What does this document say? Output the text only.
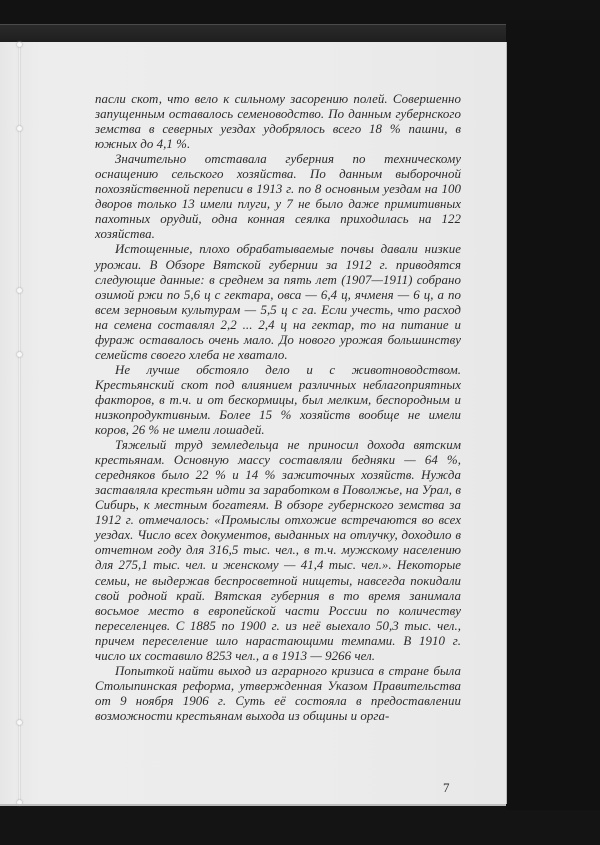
пасли скот, что вело к сильному засорению полей. Совершенно запущенным оставалось семеноводство. По данным губернского земства в северных уездах удобрялось всего 18 % пашни, в южных до 4,1 %.

Значительно отставала губерния по техническому оснащению сельского хозяйства. По данным выборочной похозяйственной переписи в 1913 г. по 8 основным уездам на 100 дворов только 13 имели плуги, у 7 не было даже примитивных пахотных орудий, одна конная сеялка приходилась на 122 хозяйства.

Истощенные, плохо обрабатываемые почвы давали низкие урожаи. В Обзоре Вятской губернии за 1912 г. приводятся следующие данные: в среднем за пять лет (1907—1911) собрано озимой ржи по 5,6 ц с гектара, овса — 6,4 ц, ячменя — 6 ц, а по всем зерновым культурам — 5,5 ц с га. Если учесть, что расход на семена составлял 2,2 ... 2,4 ц на гектар, то на питание и фураж оставалось очень мало. До нового урожая большинству семейств своего хлеба не хватало.

Не лучше обстояло дело и с животноводством. Крестьянский скот под влиянием различных неблагоприятных факторов, в т.ч. и от бескормицы, был мелким, беспородным и низкопродуктивным. Более 15 % хозяйств вообще не имели коров, 26 % не имели лошадей.

Тяжелый труд земледельца не приносил дохода вятским крестьянам. Основную массу составляли бедняки — 64 %, середняков было 22 % и 14 % зажиточных хозяйств. Нужда заставляла крестьян идти за заработком в Поволжье, на Урал, в Сибирь, к местным богатеям. В обзоре губернского земства за 1912 г. отмечалось: «Промыслы отхожие встречаются во всех уездах. Число всех документов, выданных на отлучку, доходило в отчетном году для 316,5 тыс. чел., в т.ч. мужскому населению для 275,1 тыс. чел. и женскому — 41,4 тыс. чел.». Некоторые семьи, не выдержав беспросветной нищеты, навсегда покидали свой родной край. Вятская губерния в то время занимала восьмое место в европейской части России по количеству переселенцев. С 1885 по 1900 г. из неё выехало 50,3 тыс. чел., причем переселение шло нарастающими темпами. В 1910 г. число их составило 8253 чел., а в 1913 — 9266 чел.

Попыткой найти выход из аграрного кризиса в стране была Столыпинская реформа, утвержденная Указом Правительства от 9 ноября 1906 г. Суть её состояла в предоставлении возможности крестьянам выхода из общины и орга-

7
